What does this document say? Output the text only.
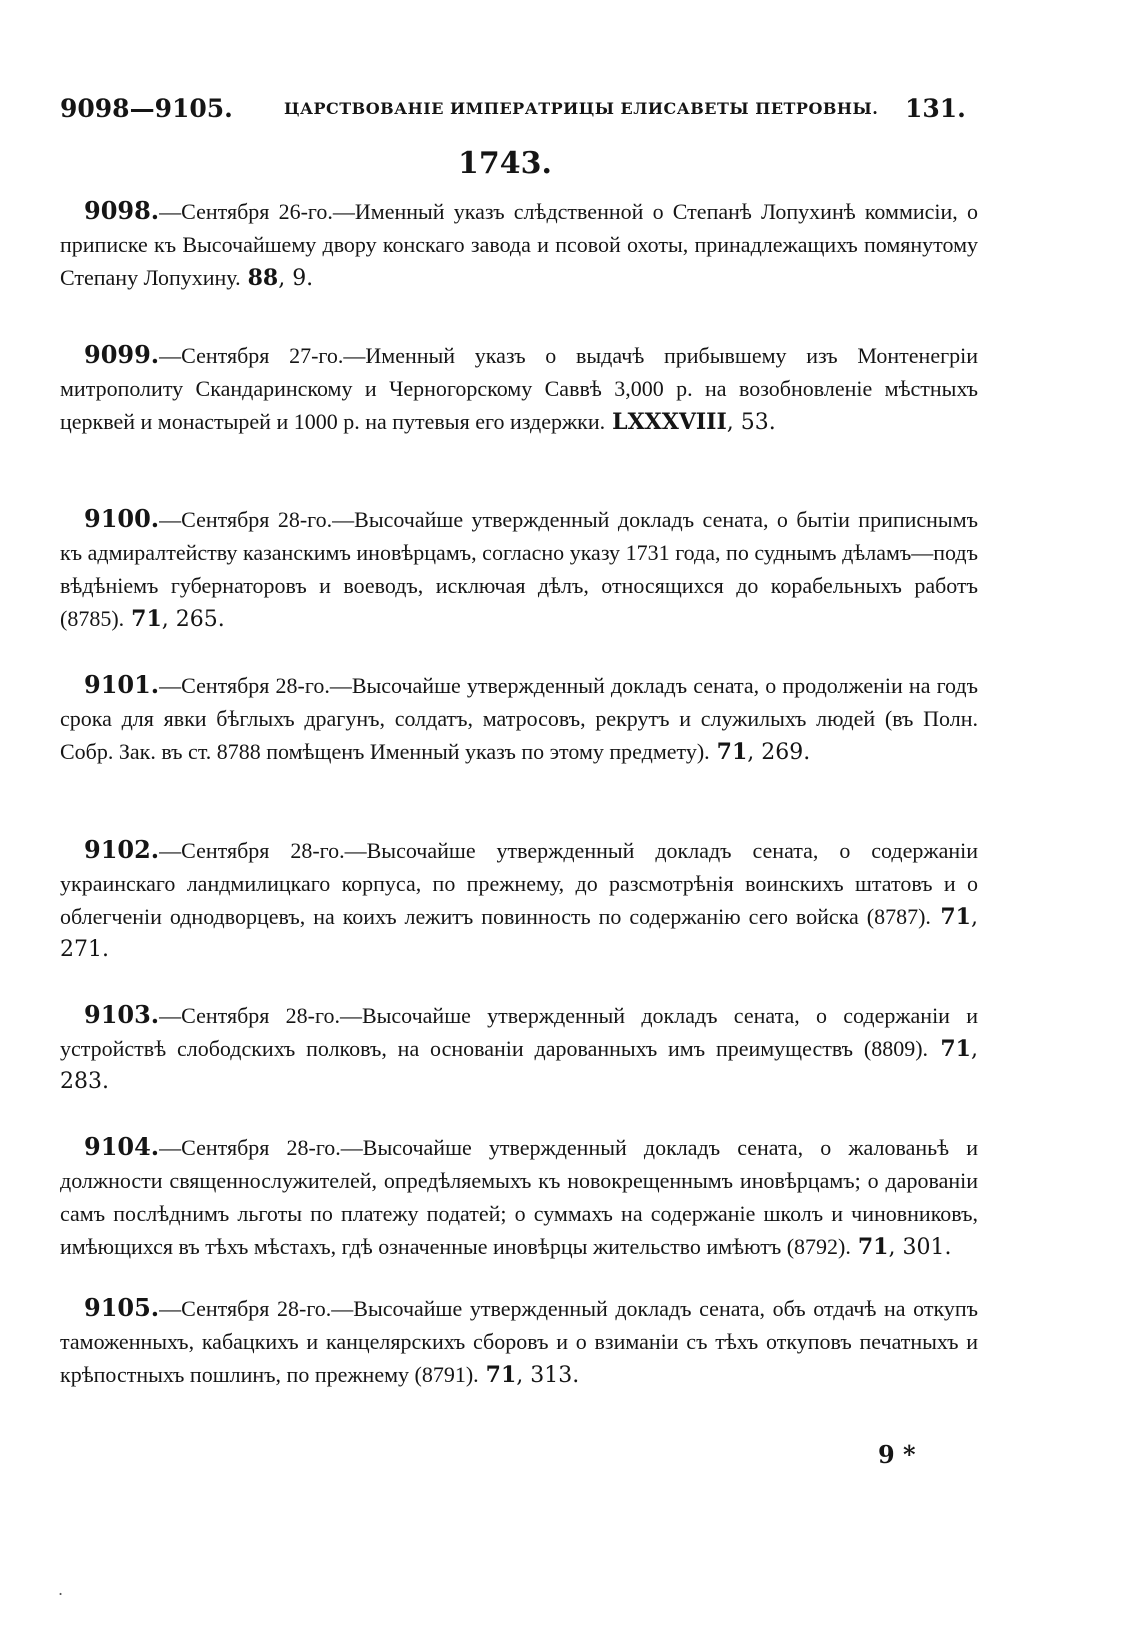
9098—9105.	ЦАРСТВОВАНІЕ ИМПЕРАТРИЦЫ ЕЛИСАВЕТЫ ПЕТРОВНЫ. 131.
1743.
9098.—Сентября 26-го.—Именный указъ слѣдственной о Степанѣ Лопухинѣ коммисіи, о приписке къ Высочайшему двору конскаго завода и псовой охоты, принадлежащихъ помянутому Степану Лопухину. 88, 9.
9099.—Сентября 27-го.—Именный указъ о выдачѣ прибывшему изъ Монтенегріи митрополиту Скандаринскому и Черногорскому Саввѣ 3,000 р. на возобновленіе мѣстныхъ церквей и монастырей и 1000 р. на путевыя его издержки. LXXXVIII, 53.
9100.—Сентября 28-го.—Высочайше утвержденный докладъ сената, о бытіи приписнымъ къ адмиралтейству казанскимъ иновѣрцамъ, согласно указу 1731 года, по суднымъ дѣламъ—подъ вѣдѣніемъ губернаторовъ и воеводъ, исключая дѣлъ, относящихся до корабельныхъ работъ (8785). 71, 265.
9101.—Сентября 28-го.—Высочайше утвержденный докладъ сената, о продолженіи на годъ срока для явки бѣглыхъ драгунъ, солдатъ, матросовъ, рекрутъ и служилыхъ людей (въ Полн. Собр. Зак. въ ст. 8788 помѣщенъ Именный указъ по этому предмету). 71, 269.
9102.—Сентября 28-го.—Высочайше утвержденный докладъ сената, о содержаніи украинскаго ландмилицкаго корпуса, по прежнему, до разсмотрѣнія воинскихъ штатовъ и о облегченіи однодворцевъ, на коихъ лежитъ повинность по содержанію сего войска (8787). 71, 271.
9103.—Сентября 28-го.—Высочайше утвержденный докладъ сената, о содержаніи и устройствѣ слободскихъ полковъ, на основаніи дарованныхъ имъ преимуществъ (8809). 71, 283.
9104.—Сентября 28-го.—Высочайше утвержденный докладъ сената, о жалованьѣ и должности священнослужителей, опредѣляемыхъ къ новокрещеннымъ иновѣрцамъ; о дарованіи самъ послѣднимъ льготы по платежу податей; о суммахъ на содержаніе школъ и чиновниковъ, имѣющихся въ тѣхъ мѣстахъ, гдѣ означенные иновѣрцы жительство имѣютъ (8792). 71, 301.
9105.—Сентября 28-го.—Высочайше утвержденный докладъ сената, объ отдачѣ на откупъ таможенныхъ, кабацкихъ и канцелярскихъ сборовъ и о взиманіи съ тѣхъ откуповъ печатныхъ и крѣпостныхъ пошлинъ, по прежнему (8791). 71, 313.
9 *
.
